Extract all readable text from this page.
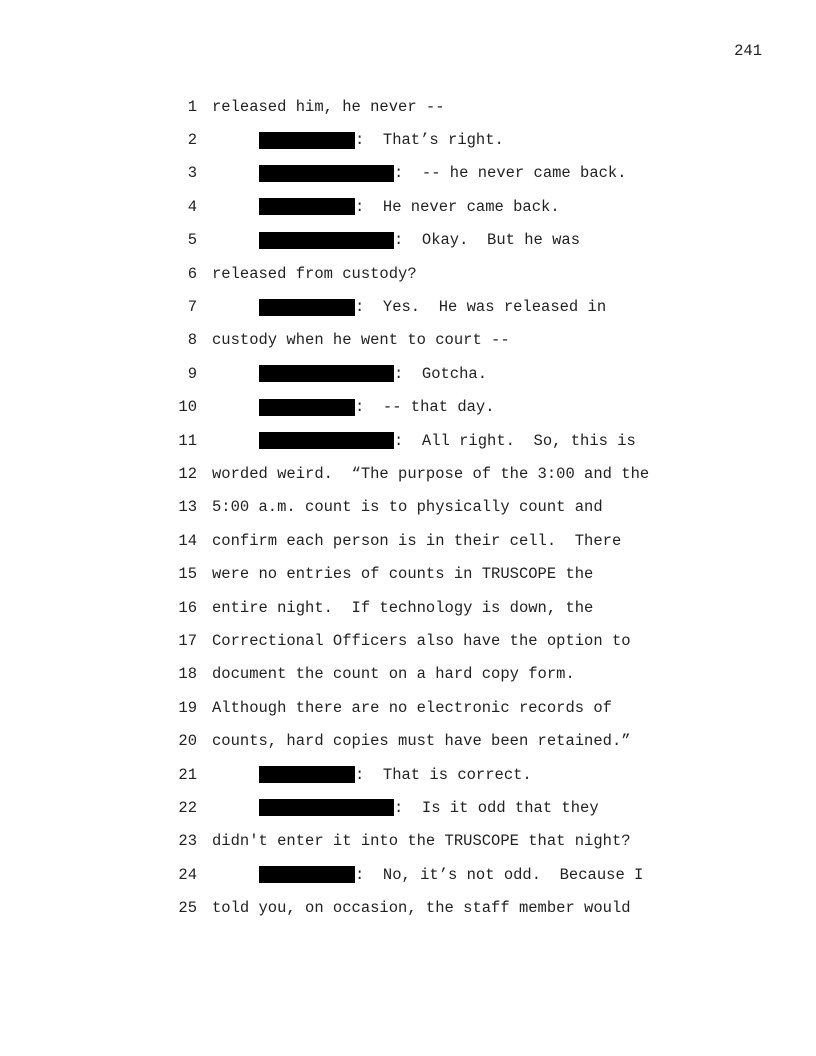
241
1 released him, he never --
2	:  That’s right.
3	:  -- he never came back.
4	:  He never came back.
5	:  Okay.  But he was
6 released from custody?
7	:  Yes.  He was released in
8 custody when he went to court --
9	:  Gotcha.
10	:  -- that day.
11	:  All right.  So, this is
12 worded weird.  “The purpose of the 3:00 and the
13 5:00 a.m. count is to physically count and
14 confirm each person is in their cell.  There
15 were no entries of counts in TRUSCOPE the
16 entire night.  If technology is down, the
17 Correctional Officers also have the option to
18 document the count on a hard copy form.
19 Although there are no electronic records of
20 counts, hard copies must have been retained.”
21	:  That is correct.
22	:  Is it odd that they
23 didn't enter it into the TRUSCOPE that night?
24	:  No, it’s not odd.  Because I
25 told you, on occasion, the staff member would
